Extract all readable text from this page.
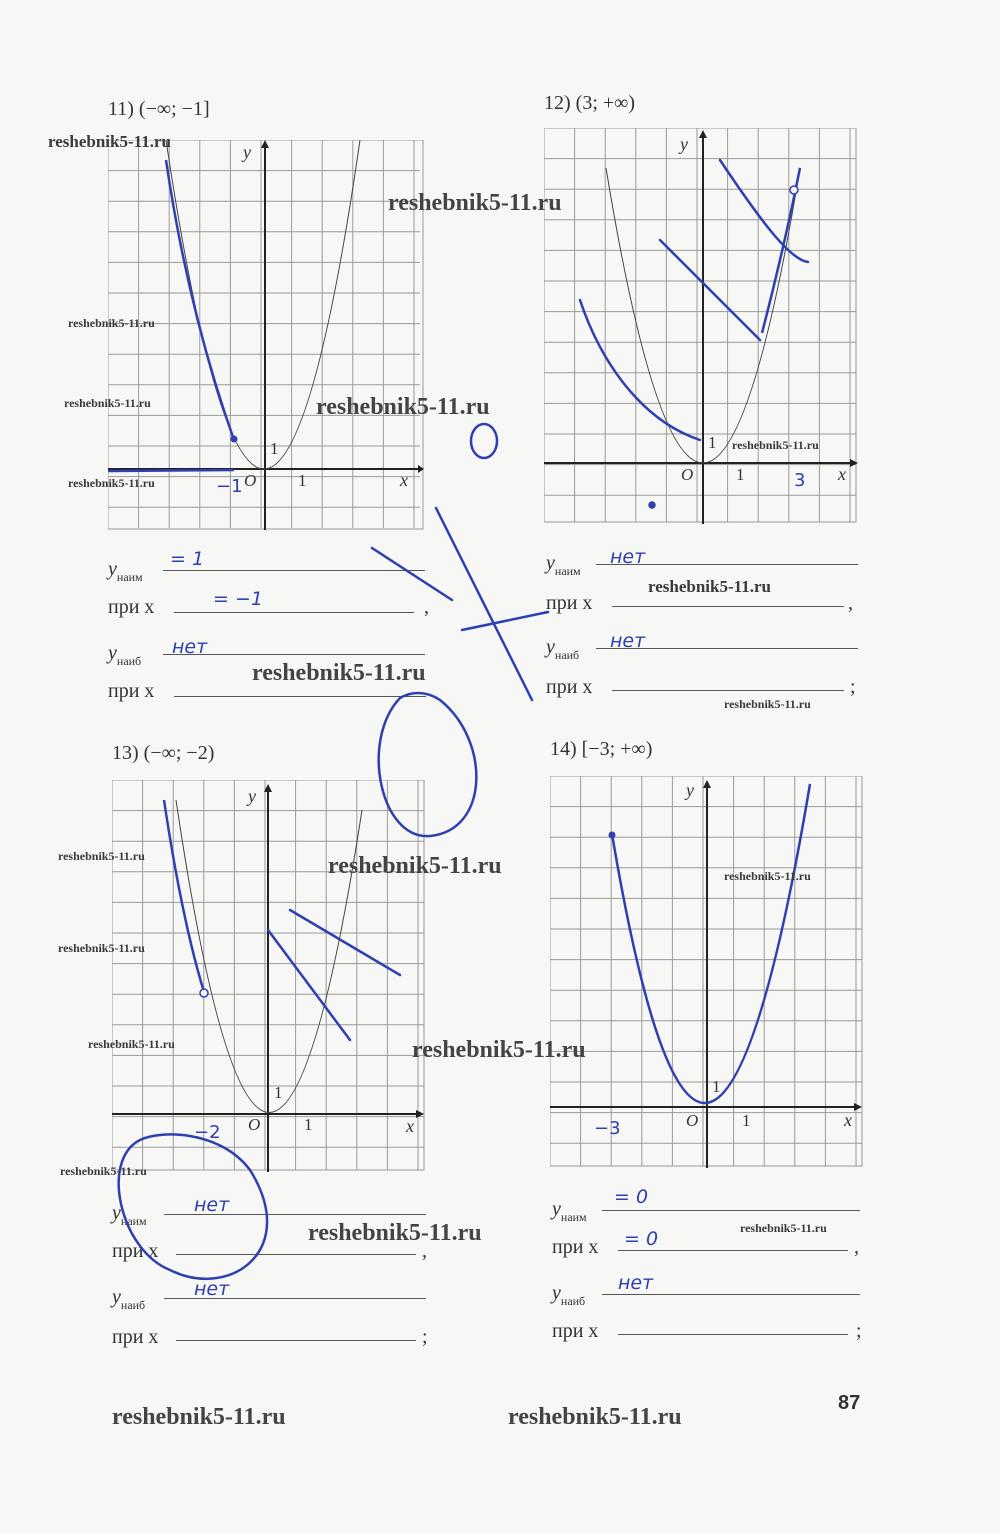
11) (−∞; −1]
x
y
O 1
1
−1
$y_{наим}$
= 1
при x	= −1	,
$y_{наиб}$
нет
при x
12) (3; +∞)
x
y
O	1
1
3
$y_{наим}$
нет
при x	,
$y_{наиб}$
нет
при x	;
13) (−∞; −2)
x
y
O	1
1
−2
$y_{наим}$
нет
при x	,
$y_{наиб}$
нет
при x	;
14) [−3; +∞)
x
y
O	1
1
−3
$y_{наим}$
= 0
при x = 0	,
$y_{наиб}$
нет
при x	;
reshebnik5-11.ru
reshebnik5-11.ru
reshebnik5-11.ru
reshebnik5-11.ru	reshebnik5-11.ru
reshebnik5-11.ru
reshebnik5-11.ru
reshebnik5-11.ru
reshebnik5-11.ru
reshebnik5-11.ru
reshebnik5-11.ru	reshebnik5-11.ru	reshebnik5-11.ru
reshebnik5-11.ru
reshebnik5-11.ru	reshebnik5-11.ru
reshebnik5-11.ru
reshebnik5-11.ru	reshebnik5-11.ru
reshebnik5-11.ru	reshebnik5-11.ru
87
